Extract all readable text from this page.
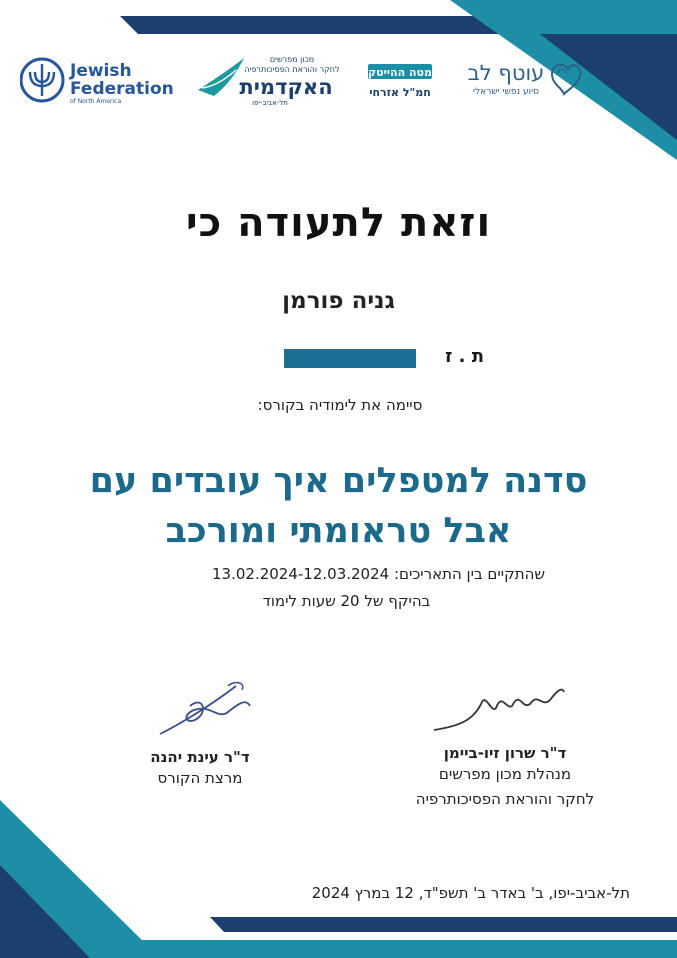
Jewish
Federation
of North America
מכון מפרשים
לחקר והוראת הפסיכותרפיה
האקדמית
תל-אביב-יפו
מטה ההייטק
חמ"ל אזרחי
עוטף לב
סיוע נפשי ישראלי
וזאת לתעודה כי
גניה פורמן
ת . ז
סיימה את לימודיה בקורס:
סדנה למטפלים איך עובדים עם
אבל טראומתי ומורכב
שהתקיים בין התאריכים: 13.02.2024-12.03.2024
בהיקף של 20 שעות לימוד
ד"ר שרון זיו-ביימן
מנהלת מכון מפרשים
לחקר והוראת הפסיכותרפיה
ד"ר עינת יהנה
מרצת הקורס
תל-אביב-יפו, ב' באדר ב' תשפ"ד, 12 במרץ 2024
